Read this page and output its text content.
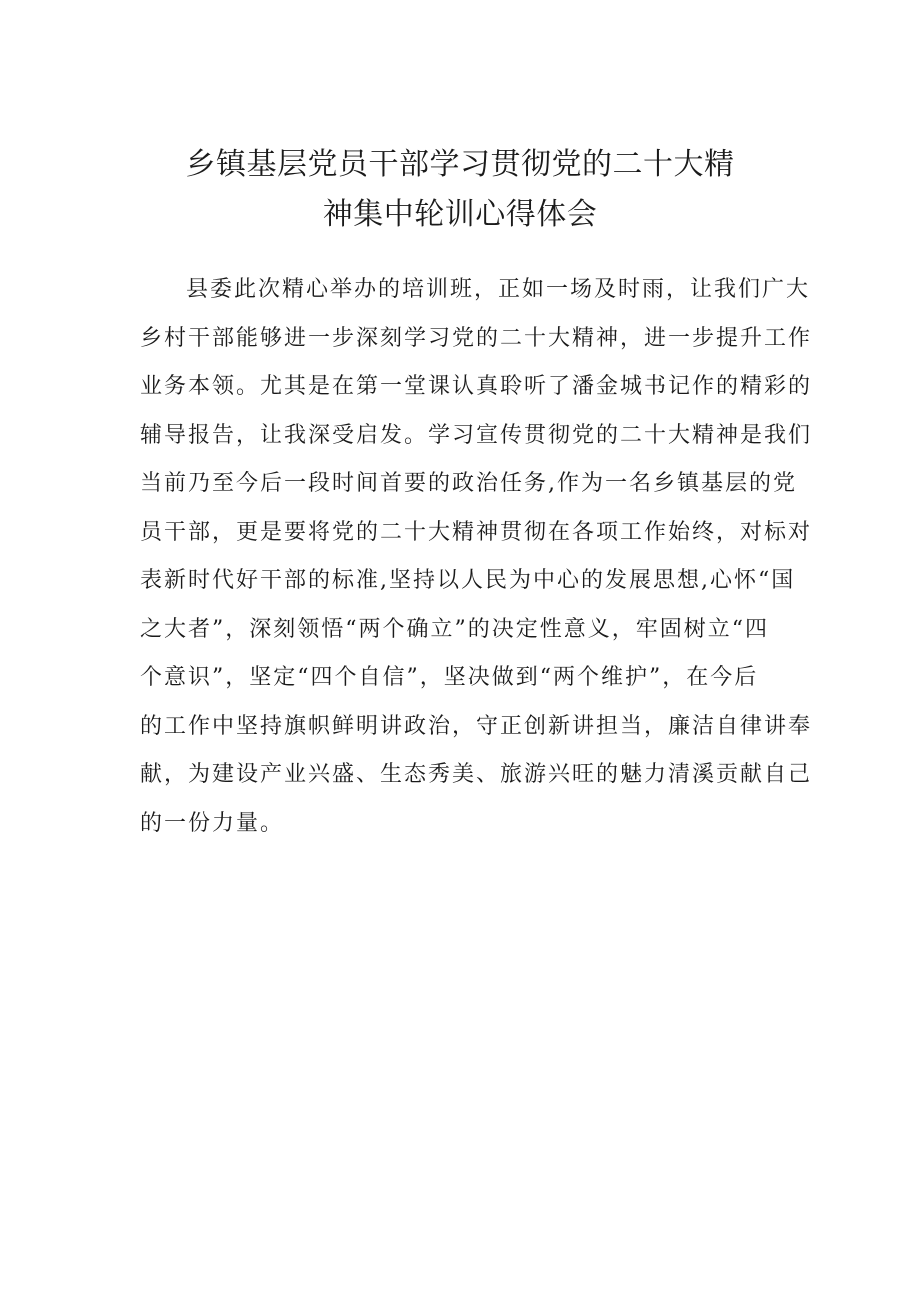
乡镇基层党员干部学习贯彻党的二十大精
神集中轮训心得体会
县委此次精心举办的培训班，正如一场及时雨，让我们广大
乡村干部能够进一步深刻学习党的二十大精神，进一步提升工作
业务本领。尤其是在第一堂课认真聆听了潘金城书记作的精彩的
辅导报告，让我深受启发。学习宣传贯彻党的二十大精神是我们
当前乃至今后一段时间首要的政治任务,作为一名乡镇基层的党
员干部，更是要将党的二十大精神贯彻在各项工作始终，对标对
表新时代好干部的标准,坚持以人民为中心的发展思想,心怀“国
之大者”，深刻领悟“两个确立”的决定性意义，牢固树立“四
个意识”，坚定“四个自信”，坚决做到“两个维护”，在今后
的工作中坚持旗帜鲜明讲政治，守正创新讲担当，廉洁自律讲奉
献，为建设产业兴盛、生态秀美、旅游兴旺的魅力清溪贡献自己
的一份力量。
